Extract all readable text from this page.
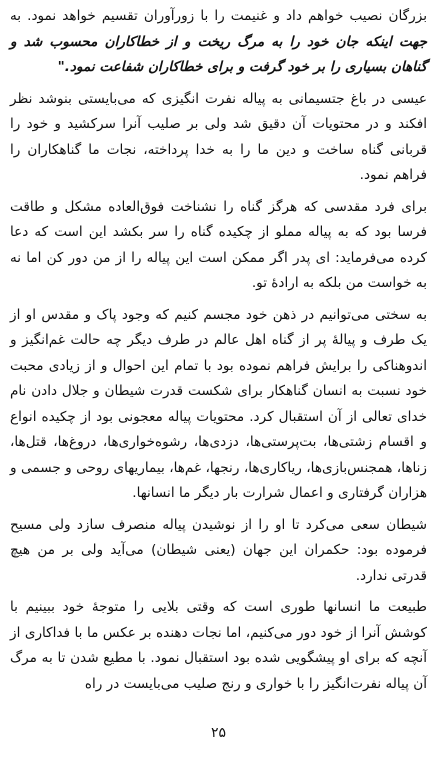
بزرگان نصیب خواهم داد و غنیمت را با زورآوران تقسیم خواهد نمود. به جهت اینکه جان خود را به مرگ ریخت و از خطاکاران محسوب شد و گناهان بسیاری را بر خود گرفت و برای خطاکاران شفاعت نمود."

عیسی در باغ جتسیمانی به پیاله نفرت انگیزی که می‌بایستی بنوشد نظر افکند و در محتویات آن دقیق شد ولی بر صلیب آنرا سرکشید و خود را قربانی گناه ساخت و دین ما را به خدا پرداخته، نجات ما گناهکاران را فراهم نمود.

برای فرد مقدسی که هرگز گناه را نشناخت فوق‌العاده مشکل و طاقت فرسا بود که به پیاله مملو از چکیده گناه را سر بکشد این است که دعا کرده می‌فرماید: ای پدر اگر ممکن است این پیاله را از من دور کن اما نه به خواست من بلکه به ارادهٔ تو.

به سختی می‌توانیم در ذهن خود مجسم کنیم که وجود پاک و مقدس او از یک طرف و پیالهٔ پر از گناه اهل عالم در طرف دیگر چه حالت غم‌انگیز و اندوهناکی را برایش فراهم نموده بود با تمام این احوال و از زیادی محبت خود نسبت به انسان گناهکار برای شکست قدرت شیطان و جلال دادن نام خدای تعالی از آن استقبال کرد. محتویات پیاله معجونی بود از چکیده انواع و اقسام زشتی‌ها، بت‌پرستی‌ها، دزدی‌ها، رشوه‌خواری‌ها، دروغ‌ها، قتل‌ها، زناها، همجنس‌بازی‌ها، ریاکاری‌ها، رنجها، غم‌ها، بیماریهای روحی و جسمی و هزاران گرفتاری و اعمال شرارت بار دیگر ما انسانها.

شیطان سعی می‌کرد تا او را از نوشیدن پیاله منصرف سازد ولی مسیح فرموده بود: حکمران این جهان (یعنی شیطان) می‌آید ولی بر من هیچ قدرتی ندارد.

طبیعت ما انسانها طوری است که وقتی بلایی را متوجهٔ خود ببینیم با کوشش آنرا از خود دور می‌کنیم، اما نجات دهنده بر عکس ما با فداکاری از آنچه که برای او پیشگویی شده بود استقبال نمود. با مطیع شدن تا به مرگ آن پیاله نفرت‌انگیز را با خواری و رنج صلیب می‌بایست در راه

۲۵
